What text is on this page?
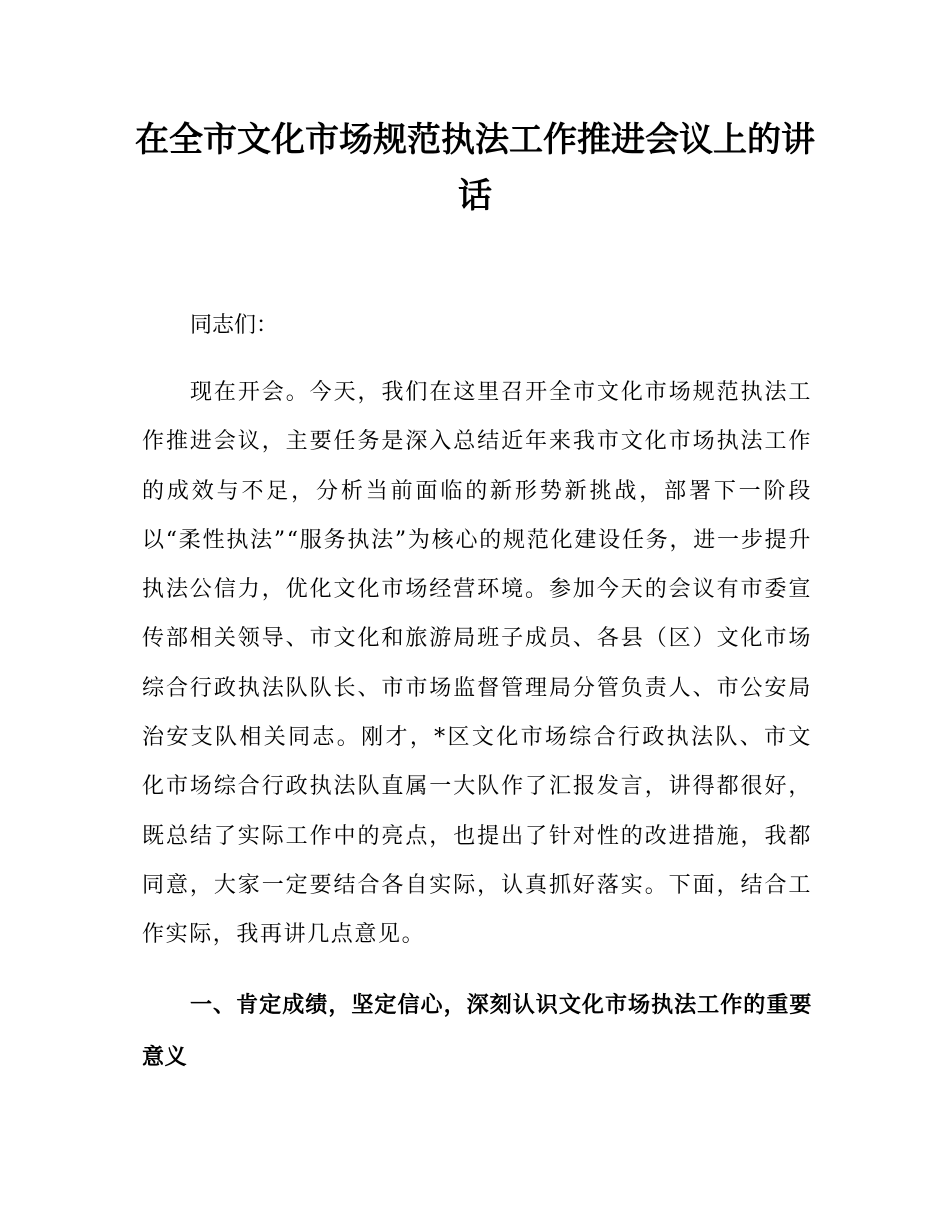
在全市文化市场规范执法工作推进会议上的讲话
同志们：
现在开会。今天，我们在这里召开全市文化市场规范执法工作推进会议，主要任务是深入总结近年来我市文化市场执法工作的成效与不足，分析当前面临的新形势新挑战，部署下一阶段以“柔性执法”“服务执法”为核心的规范化建设任务，进一步提升执法公信力，优化文化市场经营环境。参加今天的会议有市委宣传部相关领导、市文化和旅游局班子成员、各县（区）文化市场综合行政执法队队长、市市场监督管理局分管负责人、市公安局治安支队相关同志。刚才，*区文化市场综合行政执法队、市文化市场综合行政执法队直属一大队作了汇报发言，讲得都很好，既总结了实际工作中的亮点，也提出了针对性的改进措施，我都同意，大家一定要结合各自实际，认真抓好落实。下面，结合工作实际，我再讲几点意见。
一、肯定成绩，坚定信心，深刻认识文化市场执法工作的重要意义
